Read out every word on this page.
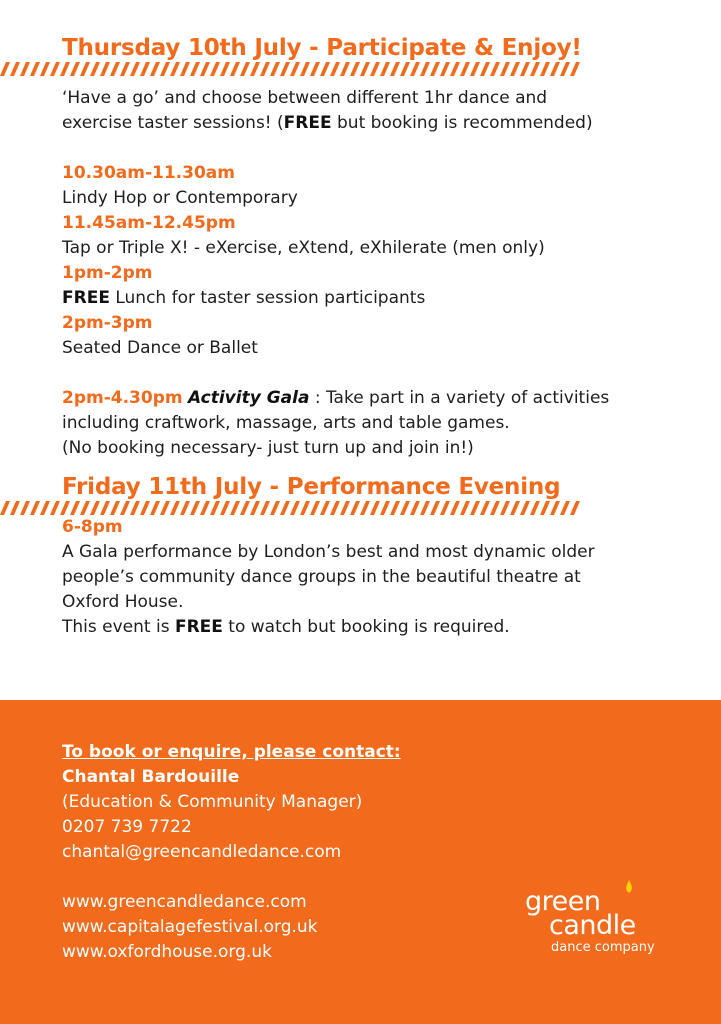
Thursday 10th July - Participate & Enjoy!

‘Have a go’ and choose between different 1hr dance and

exercise taster sessions! (FREE but booking is recommended)

10.30am-11.30am

Lindy Hop or Contemporary

11.45am-12.45pm

Tap or Triple X! - eXercise, eXtend, eXhilerate (men only)

1pm-2pm

FREE Lunch for taster session participants

2pm-3pm

Seated Dance or Ballet

2pm-4.30pm Activity Gala : Take part in a variety of activities

including craftwork, massage, arts and table games.

(No booking necessary- just turn up and join in!)

Friday 11th July - Performance Evening

6-8pm

A Gala performance by London’s best and most dynamic older

people’s community dance groups in the beautiful theatre at

Oxford House.

This event is FREE to watch but booking is required.

To book or enquire, please contact:

Chantal Bardouille

(Education & Community Manager)

0207 739 7722

chantal@greencandledance.com

www.greencandledance.com

www.capitalagefestival.org.uk

www.oxfordhouse.org.uk

green
candle
dance company
